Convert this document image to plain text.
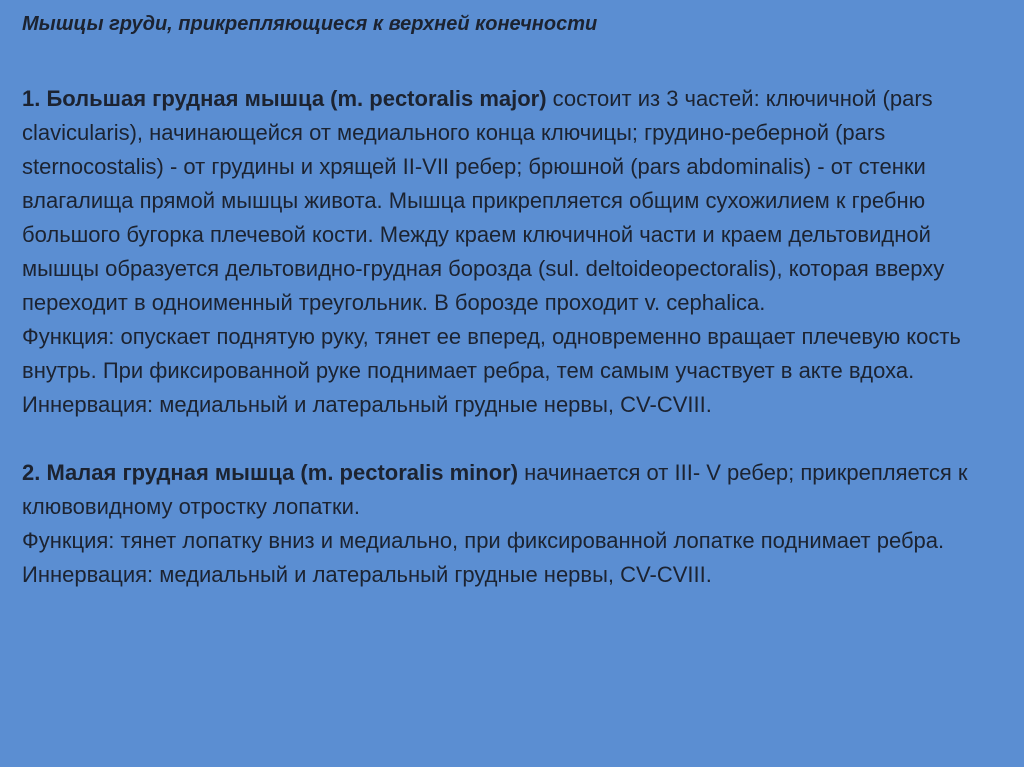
Мышцы груди, прикрепляющиеся к верхней конечности
1. Большая грудная мышца (m. pectoralis major) состоит из 3 частей: ключичной (pars clavicularis), начинающейся от медиального конца ключицы; грудино-реберной (pars sternocostalis) - от грудины и хрящей II-VII ребер; брюшной (pars abdominalis) - от стенки влагалища прямой мышцы живота. Мышца прикрепляется общим сухожилием к гребню большого бугорка плечевой кости. Между краем ключичной части и краем дельтовидной мышцы образуется дельтовидно-грудная борозда (sul. deltoideopectoralis), которая вверху переходит в одноименный треугольник. В борозде проходит v. cephalica.
Функция: опускает поднятую руку, тянет ее вперед, одновременно вращает плечевую кость внутрь. При фиксированной руке поднимает ребра, тем самым участвует в акте вдоха.
Иннервация: медиальный и латеральный грудные нервы, CV-CVIII.
2. Малая грудная мышца (m. pectoralis minor) начинается от III- V ребер; прикрепляется к клювовидному отростку лопатки.
Функция: тянет лопатку вниз и медиально, при фиксированной лопатке поднимает ребра.
Иннервация: медиальный и латеральный грудные нервы, CV-CVIII.
